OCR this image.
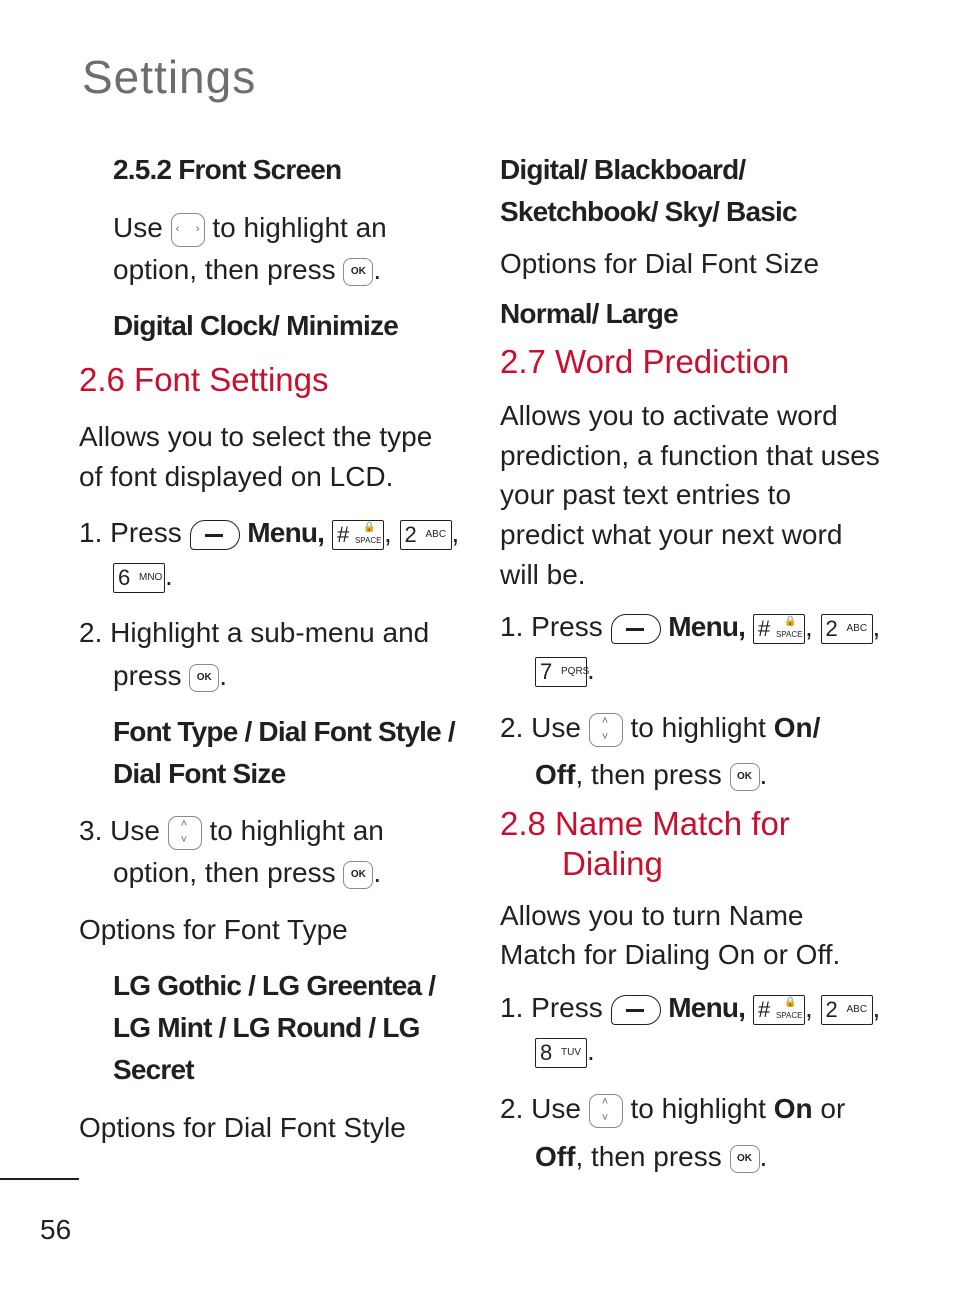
Settings

2.5.2 Front Screen

Use ‹ › to highlight an

option, then press	OK .

Digital Clock/ Minimize

2.6 Font Settings

Allows you to select the type

of font displayed on LCD.

1. Press Menu, # 🔒
SPACE , 2 ABC ,

6 MNO .

2. Highlight a sub-menu and

press	OK .

Font Type / Dial Font Style /

Dial Font Size

3. Use ˄
˅ to highlight an

option, then press	OK .

Options for Font Type

LG Gothic / LG Greentea /

LG Mint / LG Round / LG

Secret

Options for Dial Font Style

Digital/ Blackboard/

Sketchbook/ Sky/ Basic

Options for Dial Font Size

Normal/ Large

2.7 Word Prediction

Allows you to activate word

prediction, a function that uses

your past text entries to

predict what your next word

will be.

1. Press Menu, # 🔒
SPACE , 2 ABC ,

7 PQRS
.

2. Use ˄
˅ to highlight On/

Off, then press	OK .

2.8 Name Match for

Dialing

Allows you to turn Name

Match for Dialing On or Off.

1. Press Menu, # 🔒
SPACE , 2 ABC ,

8 TUV .

2. Use ˄
˅ to highlight On or

Off, then press	OK .

56
